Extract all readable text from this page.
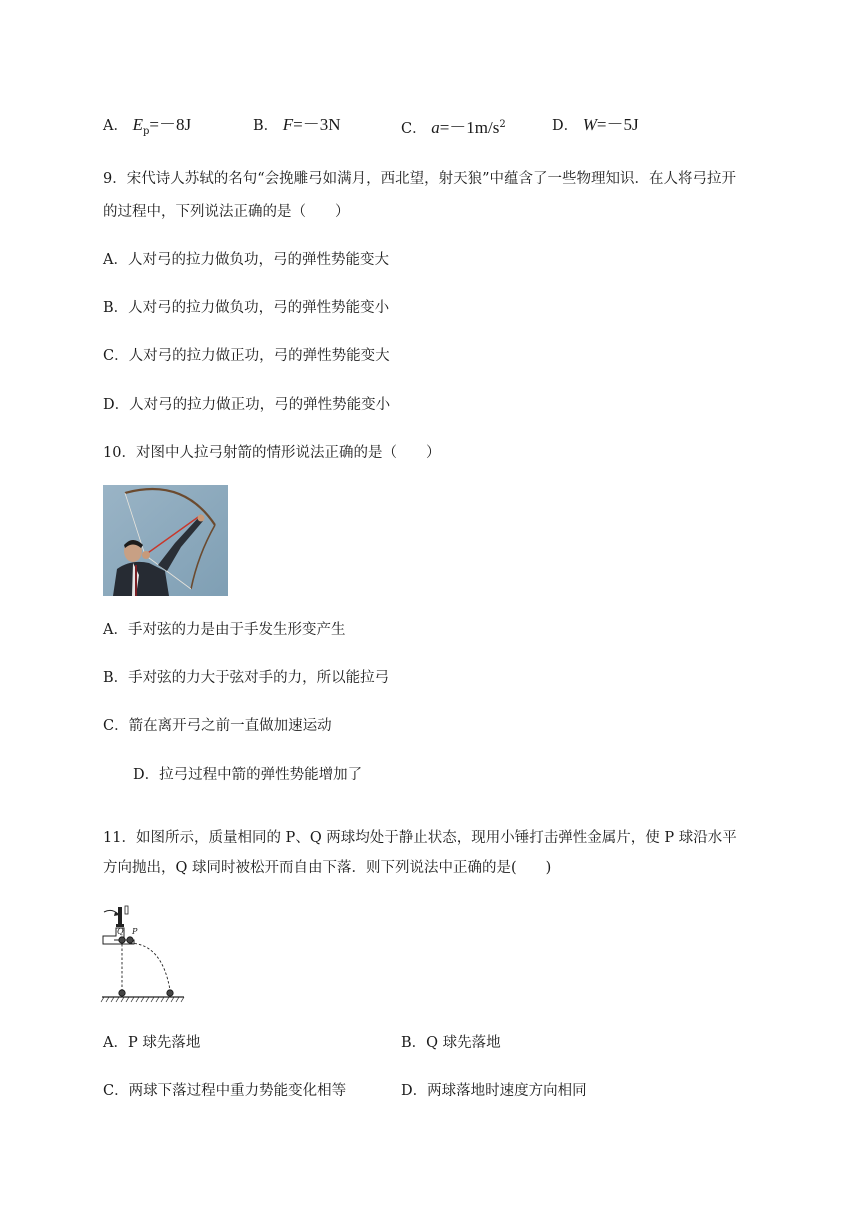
A． $E_p=-8J$	B． F=－3N	C． $a=-1m/s^2$	D． W=－5J
9．宋代诗人苏轼的名句“会挽雕弓如满月，西北望，射天狼”中蕴含了一些物理知识．在人将弓拉开
的过程中，下列说法正确的是（　　）
A．人对弓的拉力做负功，弓的弹性势能变大
B．人对弓的拉力做负功，弓的弹性势能变小
C．人对弓的拉力做正功，弓的弹性势能变大
D．人对弓的拉力做正功，弓的弹性势能变小
10．对图中人拉弓射箭的情形说法正确的是（　　）
A．手对弦的力是由于手发生形变产生
B．手对弦的力大于弦对手的力，所以能拉弓
C．箭在离开弓之前一直做加速运动
D．拉弓过程中箭的弹性势能增加了
11．如图所示，质量相同的 P、Q 两球均处于静止状态，现用小锤打击弹性金属片，使 P 球沿水平
方向抛出，Q 球同时被松开而自由下落．则下列说法中正确的是(　　)
Q P
A．P 球先落地	B．Q 球先落地
C．两球下落过程中重力势能变化相等	D．两球落地时速度方向相同
